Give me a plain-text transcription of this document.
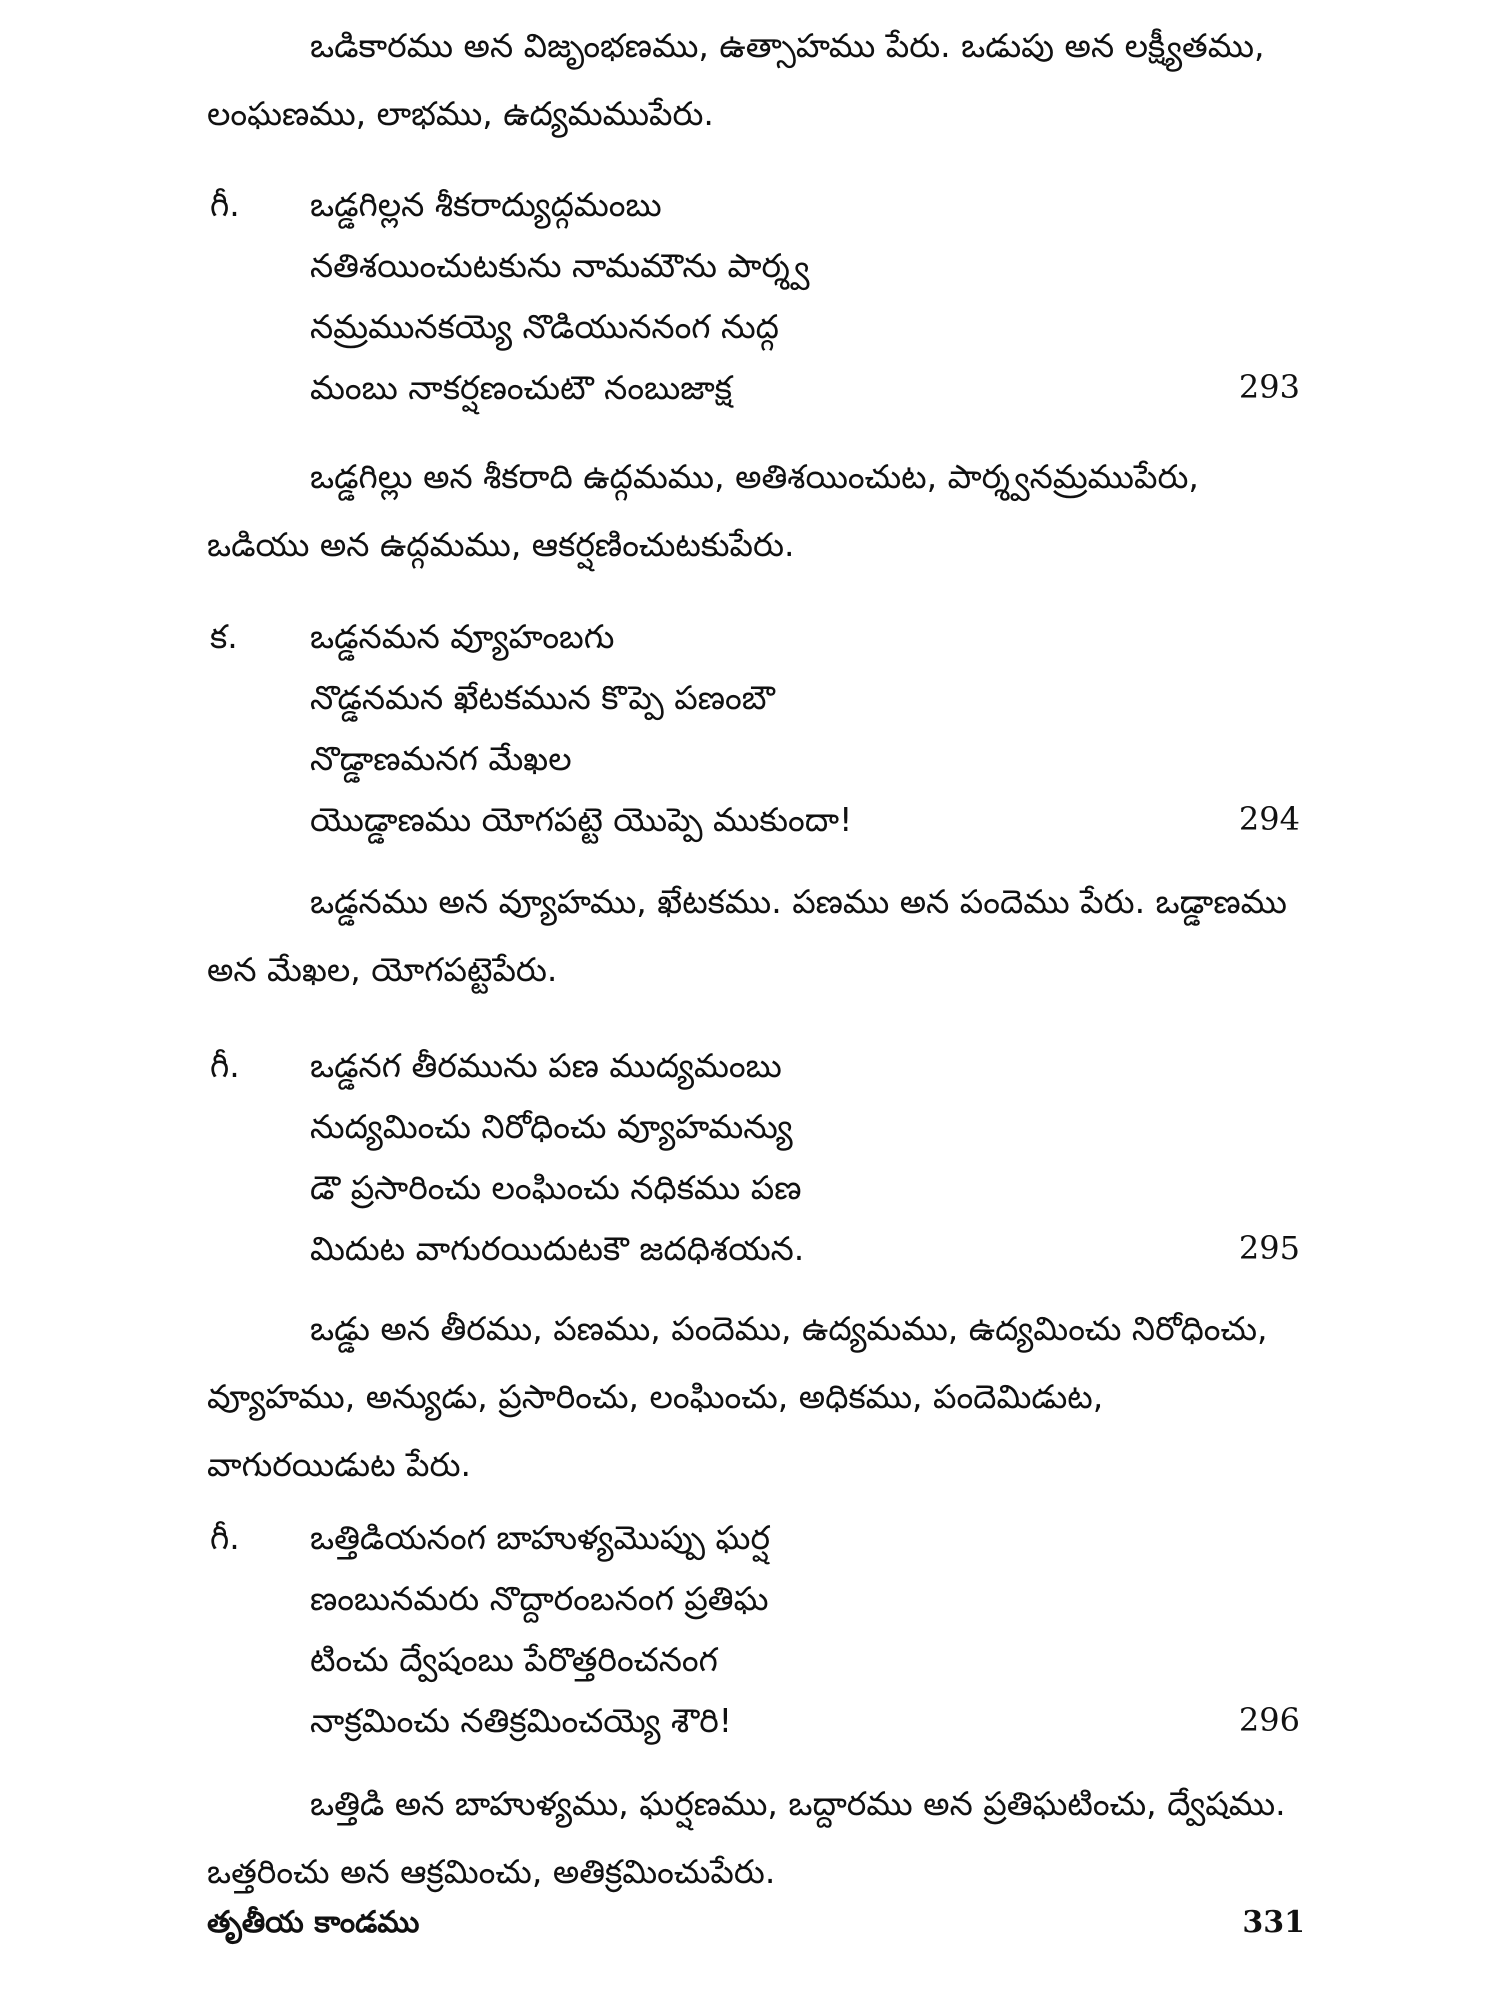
ఒడికారము అన విజృంభణము, ఉత్సాహము పేరు. ఒడుపు అన లక్ష్యీతము,
లంఘణము, లాభము, ఉద్యమముపేరు.

గీ. ఒడ్డగిల్లన శీకరాద్యుద్గమంబు
నతిశయించుటకును నామమౌను పార్శ్వ
నమ్రమునకయ్యె నొడియుననంగ నుద్గ
మంబు నాకర్షణంచుటౌ నంబుజాక్ష	293

ఒడ్డగిల్లు అన శీకరాది ఉద్గమము, అతిశయించుట, పార్శ్వనమ్రముపేరు,
ఒడియు అన ఉద్గమము, ఆకర్షణించుటకుపేరు.

క. ఒడ్డనమన వ్యూహంబగు
నొడ్డనమన ఖేటకమున కొప్పె పణంబౌ
నొడ్డాణమనగ మేఖల
యొడ్డాణము యోగపట్టె యొప్పె ముకుందా!	294

ఒడ్డనము అన వ్యూహము, ఖేటకము. పణము అన పందెము పేరు. ఒడ్డాణము
అన మేఖల, యోగపట్టెపేరు.

గీ. ఒడ్డనగ తీరమును పణ ముద్యమంబు
నుద్యమించు నిరోధించు వ్యూహమన్యు
డౌ ప్రసారించు లంఘించు నధికము పణ
మిదుట వాగురయిదుటకౌ జదధిశయన.	295

ఒడ్డు అన తీరము, పణము, పందెము, ఉద్యమము, ఉద్యమించు నిరోధించు,
వ్యూహము, అన్యుడు, ప్రసారించు, లంఘించు, అధికము, పందెమిడుట,
వాగురయిడుట పేరు.

గీ. ఒత్తిడియనంగ బాహుళ్యమొప్పు ఘర్ష
ణంబునమరు నొద్దారంబనంగ ప్రతిఘ
టించు ద్వేషంబు పేరొత్తరించనంగ
నాక్రమించు నతిక్రమించయ్యె శౌరి!	296

ఒత్తిడి అన బాహుళ్యము, ఘర్షణము, ఒద్దారము అన ప్రతిఘటించు, ద్వేషము.
ఒత్తరించు అన ఆక్రమించు, అతిక్రమించుపేరు.

తృతీయ కాండము	331
